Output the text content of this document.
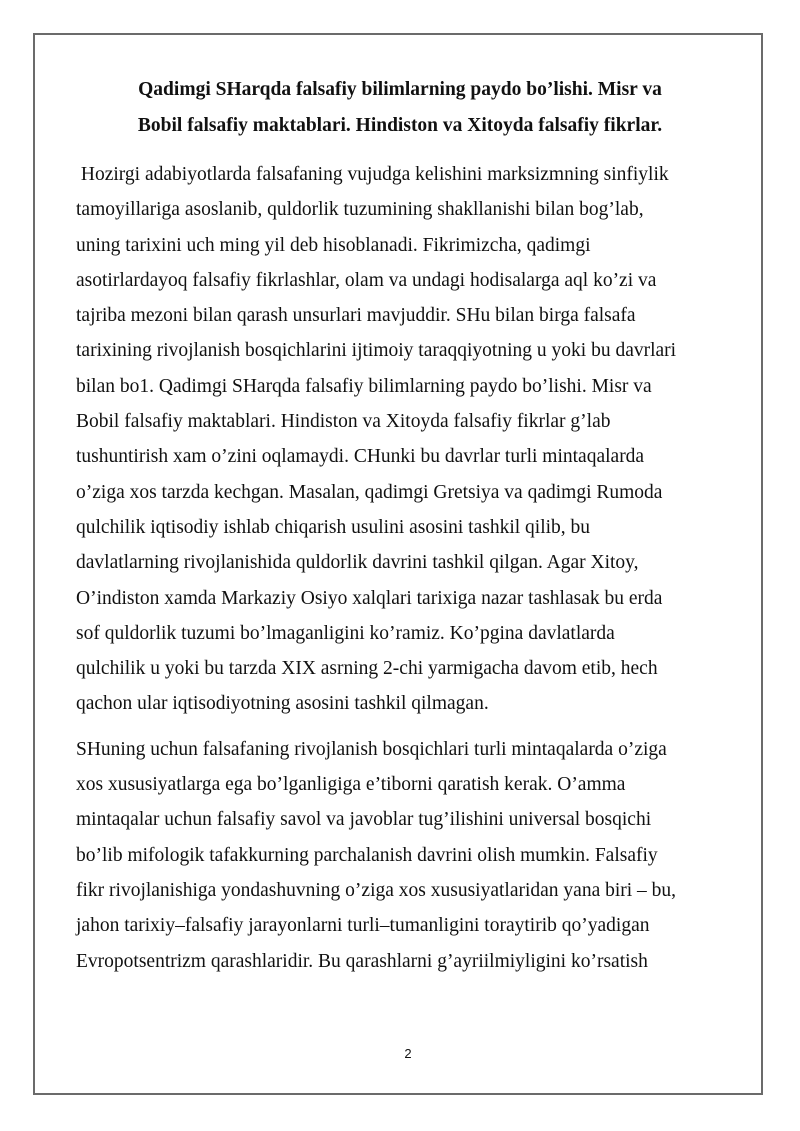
Qadimgi SHarqda falsafiy bilimlarning paydo bo’lishi. Misr va
Bobil falsafiy maktablari. Hindiston va Xitoyda falsafiy fikrlar.
Hozirgi adabiyotlarda falsafaning vujudga kelishini marksizmning sinfiylik
tamoyillariga asoslanib, quldorlik tuzumining shakllanishi bilan bog’lab,
uning tarixini uch ming yil deb hisoblanadi. Fikrimizcha, qadimgi
asotirlardayoq falsafiy fikrlashlar, olam va undagi hodisalarga aql ko’zi va
tajriba mezoni bilan qarash unsurlari mavjuddir. SHu bilan birga falsafa
tarixining rivojlanish bosqichlarini ijtimoiy taraqqiyotning u yoki bu davrlari
bilan bo1. Qadimgi SHarqda falsafiy bilimlarning paydo bo’lishi. Misr va
Bobil falsafiy maktablari. Hindiston va Xitoyda falsafiy fikrlar g’lab
tushuntirish xam o’zini oqlamaydi. CHunki bu davrlar turli mintaqalarda
o’ziga xos tarzda kechgan. Masalan, qadimgi Gretsiya va qadimgi Rumoda
qulchilik iqtisodiy ishlab chiqarish usulini asosini tashkil qilib, bu
davlatlarning rivojlanishida quldorlik davrini tashkil qilgan. Agar Xitoy,
O’indiston xamda Markaziy Osiyo xalqlari tarixiga nazar tashlasak bu erda
sof quldorlik tuzumi bo’lmaganligini ko’ramiz. Ko’pgina davlatlarda
qulchilik u yoki bu tarzda XIX asrning 2-chi yarmigacha davom etib, hech
qachon ular iqtisodiyotning asosini tashkil qilmagan.
SHuning uchun falsafaning rivojlanish bosqichlari turli mintaqalarda o’ziga
xos xususiyatlarga ega bo’lganligiga e’tiborni qaratish kerak. O’amma
mintaqalar uchun falsafiy savol va javoblar tug’ilishini universal bosqichi
bo’lib mifologik tafakkurning parchalanish davrini olish mumkin. Falsafiy
fikr rivojlanishiga yondashuvning o’ziga xos xususiyatlaridan yana biri – bu,
jahon tarixiy–falsafiy jarayonlarni turli–tumanligini toraytirib qo’yadigan
Evropotsentrizm qarashlaridir. Bu qarashlarni g’ayriilmiyligini ko’rsatish
2
